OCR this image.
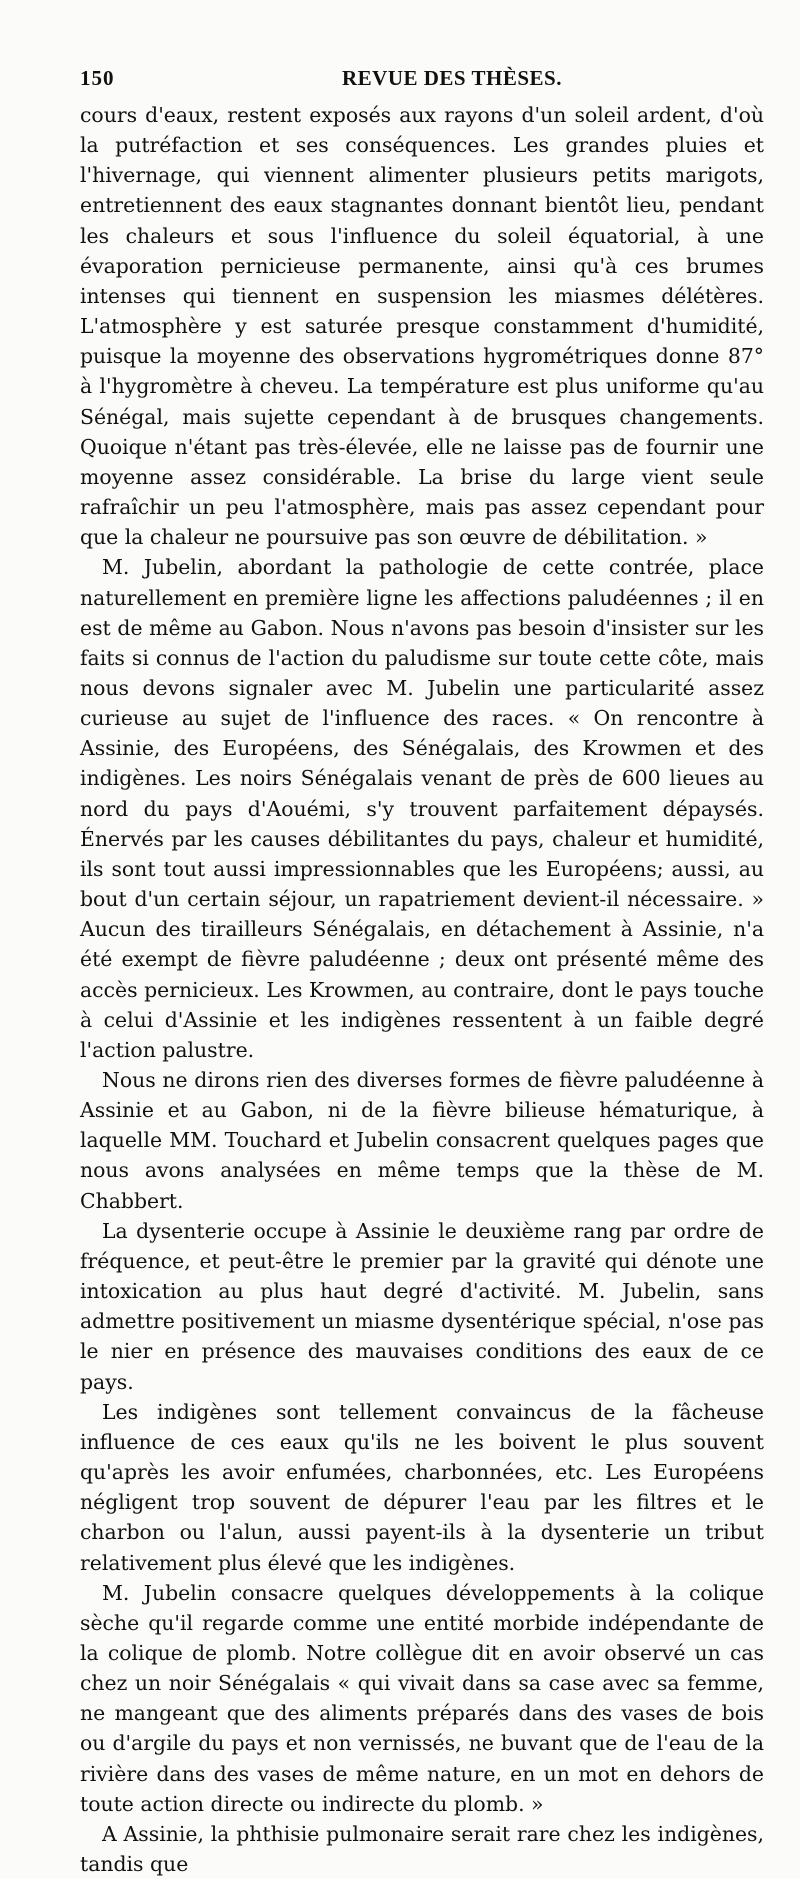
150	REVUE DES THÈSES.

cours d'eaux, restent exposés aux rayons d'un soleil ardent, d'où la putréfaction et ses conséquences. Les grandes pluies et l'hivernage, qui viennent alimenter plusieurs petits marigots, entretiennent des eaux stagnantes donnant bientôt lieu, pendant les chaleurs et sous l'influence du soleil équatorial, à une évaporation pernicieuse permanente, ainsi qu'à ces brumes intenses qui tiennent en suspension les miasmes délétères. L'atmosphère y est saturée presque constamment d'humidité, puisque la moyenne des observations hygrométriques donne 87° à l'hygromètre à cheveu. La température est plus uniforme qu'au Sénégal, mais sujette cependant à de brusques changements. Quoique n'étant pas très-élevée, elle ne laisse pas de fournir une moyenne assez considérable. La brise du large vient seule rafraîchir un peu l'atmosphère, mais pas assez cependant pour que la chaleur ne poursuive pas son œuvre de débilitation. »

M. Jubelin, abordant la pathologie de cette contrée, place naturellement en première ligne les affections paludéennes ; il en est de même au Gabon. Nous n'avons pas besoin d'insister sur les faits si connus de l'action du paludisme sur toute cette côte, mais nous devons signaler avec M. Jubelin une particularité assez curieuse au sujet de l'influence des races. « On rencontre à Assinie, des Européens, des Sénégalais, des Krowmen et des indigènes. Les noirs Sénégalais venant de près de 600 lieues au nord du pays d'Aouémi, s'y trouvent parfaitement dépaysés. Énervés par les causes débilitantes du pays, chaleur et humidité, ils sont tout aussi impressionnables que les Européens; aussi, au bout d'un certain séjour, un rapatriement devient-il nécessaire. » Aucun des tirailleurs Sénégalais, en détachement à Assinie, n'a été exempt de fièvre paludéenne ; deux ont présenté même des accès pernicieux. Les Krowmen, au contraire, dont le pays touche à celui d'Assinie et les indigènes ressentent à un faible degré l'action palustre.

Nous ne dirons rien des diverses formes de fièvre paludéenne à Assinie et au Gabon, ni de la fièvre bilieuse hématurique, à laquelle MM. Touchard et Jubelin consacrent quelques pages que nous avons analysées en même temps que la thèse de M. Chabbert.

La dysenterie occupe à Assinie le deuxième rang par ordre de fréquence, et peut-être le premier par la gravité qui dénote une intoxication au plus haut degré d'activité. M. Jubelin, sans admettre positivement un miasme dysentérique spécial, n'ose pas le nier en présence des mauvaises conditions des eaux de ce pays.

Les indigènes sont tellement convaincus de la fâcheuse influence de ces eaux qu'ils ne les boivent le plus souvent qu'après les avoir enfumées, charbonnées, etc. Les Européens négligent trop souvent de dépurer l'eau par les filtres et le charbon ou l'alun, aussi payent-ils à la dysenterie un tribut relativement plus élevé que les indigènes.

M. Jubelin consacre quelques développements à la colique sèche qu'il regarde comme une entité morbide indépendante de la colique de plomb. Notre collègue dit en avoir observé un cas chez un noir Sénégalais « qui vivait dans sa case avec sa femme, ne mangeant que des aliments préparés dans des vases de bois ou d'argile du pays et non vernissés, ne buvant que de l'eau de la rivière dans des vases de même nature, en un mot en dehors de toute action directe ou indirecte du plomb. »

A Assinie, la phthisie pulmonaire serait rare chez les indigènes, tandis que
